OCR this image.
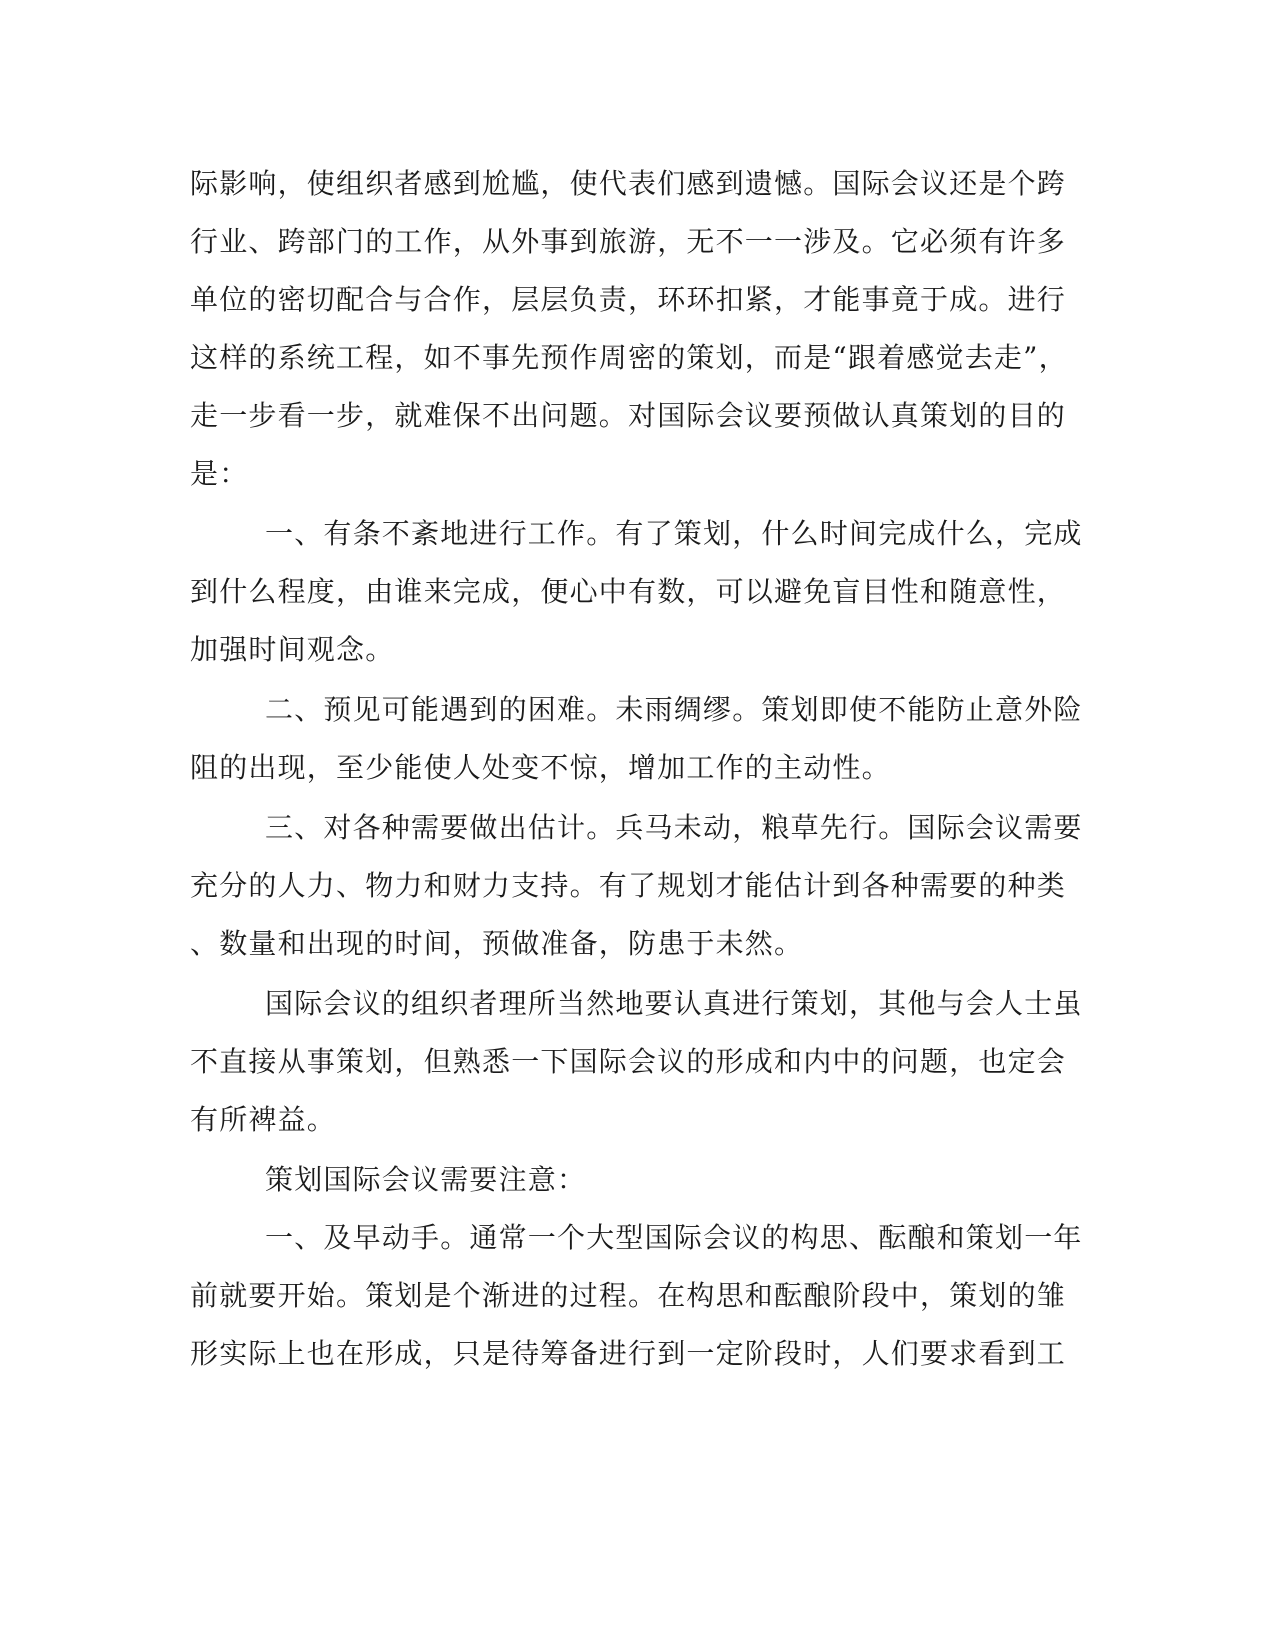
际影响，使组织者感到尬尴，使代表们感到遗憾。国际会议还是个跨

行业、跨部门的工作，从外事到旅游，无不一一涉及。它必须有许多

单位的密切配合与合作，层层负责，环环扣紧，才能事竟于成。进行

这样的系统工程，如不事先预作周密的策划，而是“跟着感觉去走”，

走一步看一步，就难保不出问题。对国际会议要预做认真策划的目的

是：

一、有条不紊地进行工作。有了策划，什么时间完成什么，完成

到什么程度，由谁来完成，便心中有数，可以避免盲目性和随意性，

加强时间观念。

二、预见可能遇到的困难。未雨绸缪。策划即使不能防止意外险

阻的出现，至少能使人处变不惊，增加工作的主动性。

三、对各种需要做出估计。兵马未动，粮草先行。国际会议需要

充分的人力、物力和财力支持。有了规划才能估计到各种需要的种类

、数量和出现的时间，预做准备，防患于未然。

国际会议的组织者理所当然地要认真进行策划，其他与会人士虽

不直接从事策划，但熟悉一下国际会议的形成和内中的问题，也定会

有所裨益。

策划国际会议需要注意：

一、及早动手。通常一个大型国际会议的构思、酝酿和策划一年

前就要开始。策划是个渐进的过程。在构思和酝酿阶段中，策划的雏

形实际上也在形成，只是待筹备进行到一定阶段时，人们要求看到工
